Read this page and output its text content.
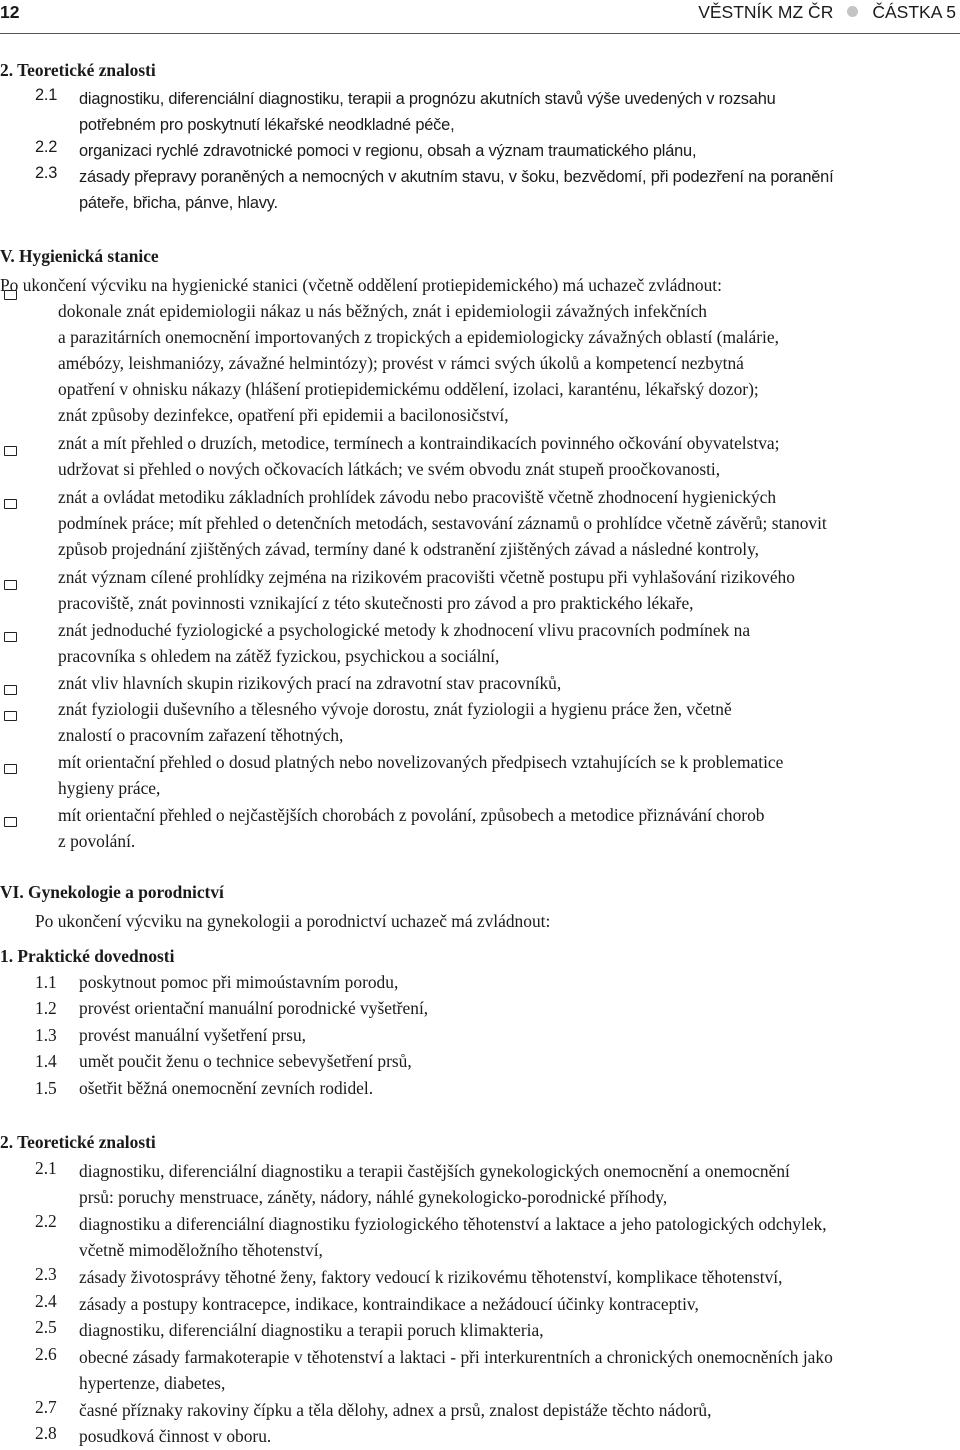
12	VĚSTNÍK MZ ČR ČÁSTKA 5
2. Teoretické znalosti
2.1 diagnostiku, diferenciální diagnostiku, terapii a prognózu akutních stavů výše uvedených v rozsahu
potřebném pro poskytnutí lékařské neodkladné péče,
2.2 organizaci rychlé zdravotnické pomoci v regionu, obsah a význam traumatického plánu,
2.3 zásady přepravy poraněných a nemocných v akutním stavu, v šoku, bezvědomí, při podezření na poranění
páteře, břicha, pánve, hlavy.
V. Hygienická stanice
Po ukončení výcviku na hygienické stanici (včetně oddělení protiepidemického) má uchazeč zvládnout:
dokonale znát epidemiologii nákaz u nás běžných, znát i epidemiologii závažných infekčních
a parazitárních onemocnění importovaných z tropických a epidemiologicky závažných oblastí (malárie,
amébózy, leishmaniózy, závažné helmintózy); provést v rámci svých úkolů a kompetencí nezbytná
opatření v ohnisku nákazy (hlášení protiepidemickému oddělení, izolaci, karanténu, lékařský dozor);
znát způsoby dezinfekce, opatření při epidemii a bacilonosičství,
znát a mít přehled o druzích, metodice, termínech a kontraindikacích povinného očkování obyvatelstva;
udržovat si přehled o nových očkovacích látkách; ve svém obvodu znát stupeň proočkovanosti,
znát a ovládat metodiku základních prohlídek závodu nebo pracoviště včetně zhodnocení hygienických
podmínek práce; mít přehled o detenčních metodách, sestavování záznamů o prohlídce včetně závěrů; stanovit
způsob projednání zjištěných závad, termíny dané k odstranění zjištěných závad a následné kontroly,
znát význam cílené prohlídky zejména na rizikovém pracovišti včetně postupu při vyhlašování rizikového
pracoviště, znát povinnosti vznikající z této skutečnosti pro závod a pro praktického lékaře,
znát jednoduché fyziologické a psychologické metody k zhodnocení vlivu pracovních podmínek na
pracovníka s ohledem na zátěž fyzickou, psychickou a sociální,
znát vliv hlavních skupin rizikových prací na zdravotní stav pracovníků,
znát fyziologii duševního a tělesného vývoje dorostu, znát fyziologii a hygienu práce žen, včetně
znalostí o pracovním zařazení těhotných,
mít orientační přehled o dosud platných nebo novelizovaných předpisech vztahujících se k problematice
hygieny práce,
mít orientační přehled o nejčastějších chorobách z povolání, způsobech a metodice přiznávání chorob
z povolání.
VI. Gynekologie a porodnictví
Po ukončení výcviku na gynekologii a porodnictví uchazeč má zvládnout:
1. Praktické dovednosti
1.1 poskytnout pomoc při mimoústavním porodu,
1.2 provést orientační manuální porodnické vyšetření,
1.3 provést manuální vyšetření prsu,
1.4 umět poučit ženu o technice sebevyšetření prsů,
1.5 ošetřit běžná onemocnění zevních rodidel.
2. Teoretické znalosti
2.1 diagnostiku, diferenciální diagnostiku a terapii častějších gynekologických onemocnění a onemocnění
prsů: poruchy menstruace, záněty, nádory, náhlé gynekologicko-porodnické příhody,
2.2 diagnostiku a diferenciální diagnostiku fyziologického těhotenství a laktace a jeho patologických odchylek,
včetně mimoděložního těhotenství,
2.3 zásady životosprávy těhotné ženy, faktory vedoucí k rizikovému těhotenství, komplikace těhotenství,
2.4 zásady a postupy kontracepce, indikace, kontraindikace a nežádoucí účinky kontraceptiv,
2.5 diagnostiku, diferenciální diagnostiku a terapii poruch klimakteria,
2.6 obecné zásady farmakoterapie v těhotenství a laktaci - při interkurentních a chronických onemocněních jako
hypertenze, diabetes,
2.7 časné příznaky rakoviny čípku a těla dělohy, adnex a prsů, znalost depistáže těchto nádorů,
2.8 posudková činnost v oboru.
